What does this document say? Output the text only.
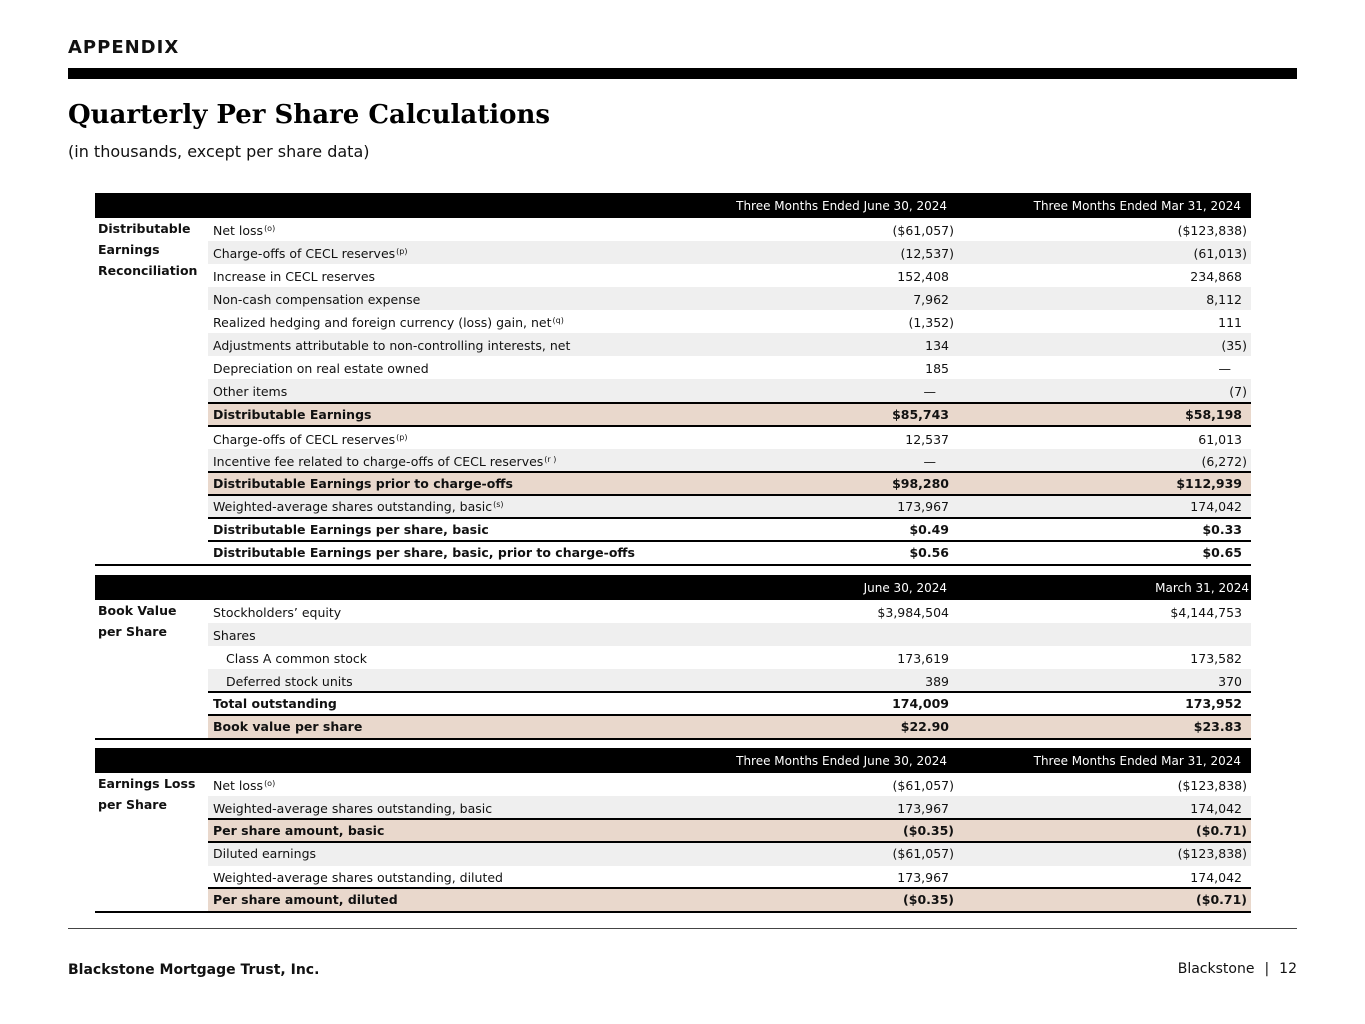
APPENDIX
Quarterly Per Share Calculations
(in thousands, except per share data)
Three Months Ended June 30, 2024	Three Months Ended Mar 31, 2024
Distributable
Earnings
Reconciliation
Net loss$^{(o)}$	($61,057)	($123,838)
Charge-offs of CECL reserves$^{(p)}$	(12,537)	(61,013)
Increase in CECL reserves	152,408	234,868
Non-cash compensation expense	7,962	8,112
Realized hedging and foreign currency (loss) gain, net$^{(q)}$	(1,352)	111
Adjustments attributable to non-controlling interests, net	134	(35)
Depreciation on real estate owned	185	—
Other items	—	(7)
Distributable Earnings	$85,743	$58,198
Charge-offs of CECL reserves$^{(p)}$	12,537	61,013
Incentive fee related to charge-offs of CECL reserves$^{(r )}$	—	(6,272)
Distributable Earnings prior to charge-offs	$98,280	$112,939
Weighted-average shares outstanding, basic$^{(s)}$	173,967	174,042
Distributable Earnings per share, basic	$0.49	$0.33
Distributable Earnings per share, basic, prior to charge-offs	$0.56	$0.65
June 30, 2024	March 31, 2024
Book Value
per Share
Stockholders’ equity	$3,984,504	$4,144,753
Shares
Class A common stock	173,619	173,582
Deferred stock units	389	370
Total outstanding	174,009	173,952
Book value per share	$22.90	$23.83
Three Months Ended June 30, 2024	Three Months Ended Mar 31, 2024
Earnings Loss
per Share
Net loss$^{(o)}$	($61,057)	($123,838)
Weighted-average shares outstanding, basic	173,967	174,042
Per share amount, basic	($0.35)	($0.71)
Diluted earnings	($61,057)	($123,838)
Weighted-average shares outstanding, diluted	173,967	174,042
Per share amount, diluted	($0.35)	($0.71)
Blackstone Mortgage Trust, Inc.	Blackstone | 12
